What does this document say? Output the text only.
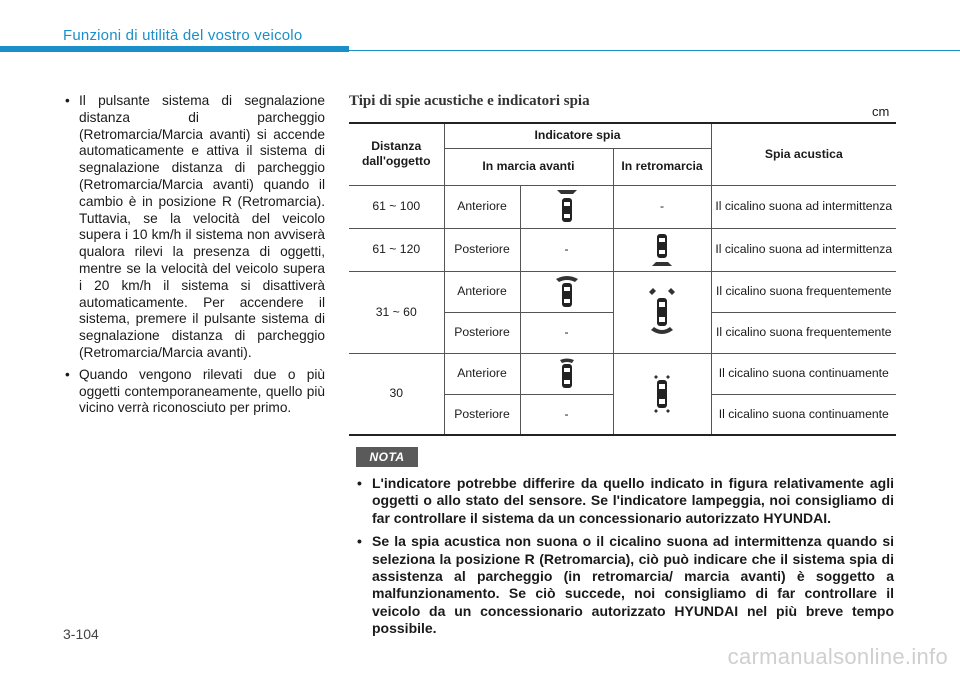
Funzioni di utilità del vostro veicolo
• Il pulsante sistema di segnalazione distanza di parcheggio (Retromarcia/Marcia avanti) si accende automaticamente e attiva il sistema di segnalazione distanza di parcheggio (Retromarcia/Marcia avanti) quando il cambio è in posizione R (Retromarcia). Tuttavia, se la velocità del veicolo supera i 10 km/h il sistema non avviserà qualora rilevi la presenza di oggetti, mentre se la velocità del veicolo supera i 20 km/h il sistema si disattiverà automaticamente. Per accendere il sistema, premere il pulsante sistema di segnalazione distanza di parcheggio (Retromarcia/Marcia avanti).
• Quando vengono rilevati due o più oggetti contemporaneamente, quello più vicino verrà riconosciuto per primo.
Tipi di spie acustiche e indicatori spia
cm
Distanza dall'oggetto	Indicatore spia			Spia acustica
	In marcia avanti		In retromarcia	
61 ~ 100	Anteriore		-	Il cicalino suona ad intermittenza
61 ~ 120	Posteriore	-		Il cicalino suona ad intermittenza
31 ~ 60	Anteriore			Il cicalino suona frequentemente
	Posteriore	-		Il cicalino suona frequentemente
30	Anteriore			Il cicalino suona continuamente
	Posteriore	-		Il cicalino suona continuamente
NOTA
• L'indicatore potrebbe differire da quello indicato in figura relativamente agli oggetti o allo stato del sensore. Se l'indicatore lampeggia, noi consigliamo di far controllare il sistema da un concessionario autorizzato HYUNDAI.
• Se la spia acustica non suona o il cicalino suona ad intermittenza quando si seleziona la posizione R (Retromarcia), ciò può indicare che il sistema spia di assistenza al parcheggio (in retromarcia/ marcia avanti) è soggetto a malfunzionamento. Se ciò succede, noi consigliamo di far controllare il veicolo da un concessionario autorizzato HYUNDAI nel più breve tempo possibile.
3-104
carmanualsonline.info
